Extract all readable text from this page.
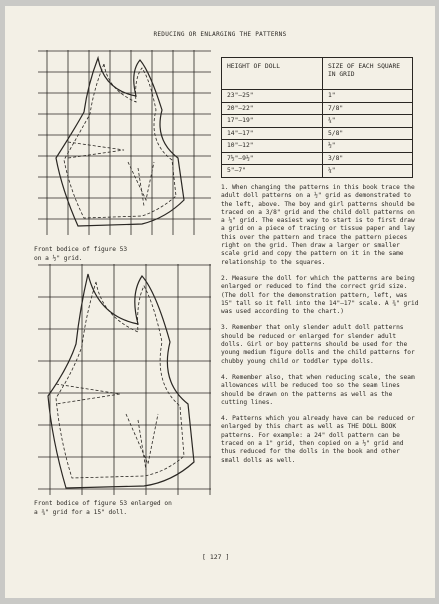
REDUCING OR ENLARGING THE PATTERNS
Front bodice of figure 53
on a ½" grid.
Front bodice of figure 53 enlarged on
a ¾" grid for a 15" doll.
HEIGHT OF DOLL	SIZE OF EACH SQUARE IN GRID
23"–25"	1"
20"–22"	7/8"
17"–19"	¾"
14"–17"	5/8"
10"–12"	½"
7½"–9½"	3/8"
5"–7"	¼"

1. When changing the patterns in this book trace the adult doll patterns on a ½" grid as demonstrated to the left, above. The boy and girl patterns should be traced on a 3/8" grid and the child doll patterns on a ¼" grid. The easiest way to start is to first draw a grid on a piece of tracing or tissue paper and lay this over the pattern and trace the pattern pieces right on the grid. Then draw a larger or smaller scale grid and copy the pattern on it in the same relationship to the squares.

2. Measure the doll for which the patterns are being enlarged or reduced to find the correct grid size. (The doll for the demonstration pattern, left, was 15" tall so it fell into the 14"–17" scale. A ¾" grid was used according to the chart.)

3. Remember that only slender adult doll patterns should be reduced or enlarged for slender adult dolls. Girl or boy patterns should be used for the young medium figure dolls and the child patterns for chubby young child or toddler type dolls.

4. Remember also, that when reducing scale, the seam allowances will be reduced too so the seam lines should be drawn on the patterns as well as the cutting lines.

4. Patterns which you already have can be reduced or enlarged by this chart as well as THE DOLL BOOK patterns. For example: a 24" doll pattern can be traced on a 1" grid, then copied on a ½" grid and thus reduced for the dolls in the book and other small dolls as well.

[ 127 ]
